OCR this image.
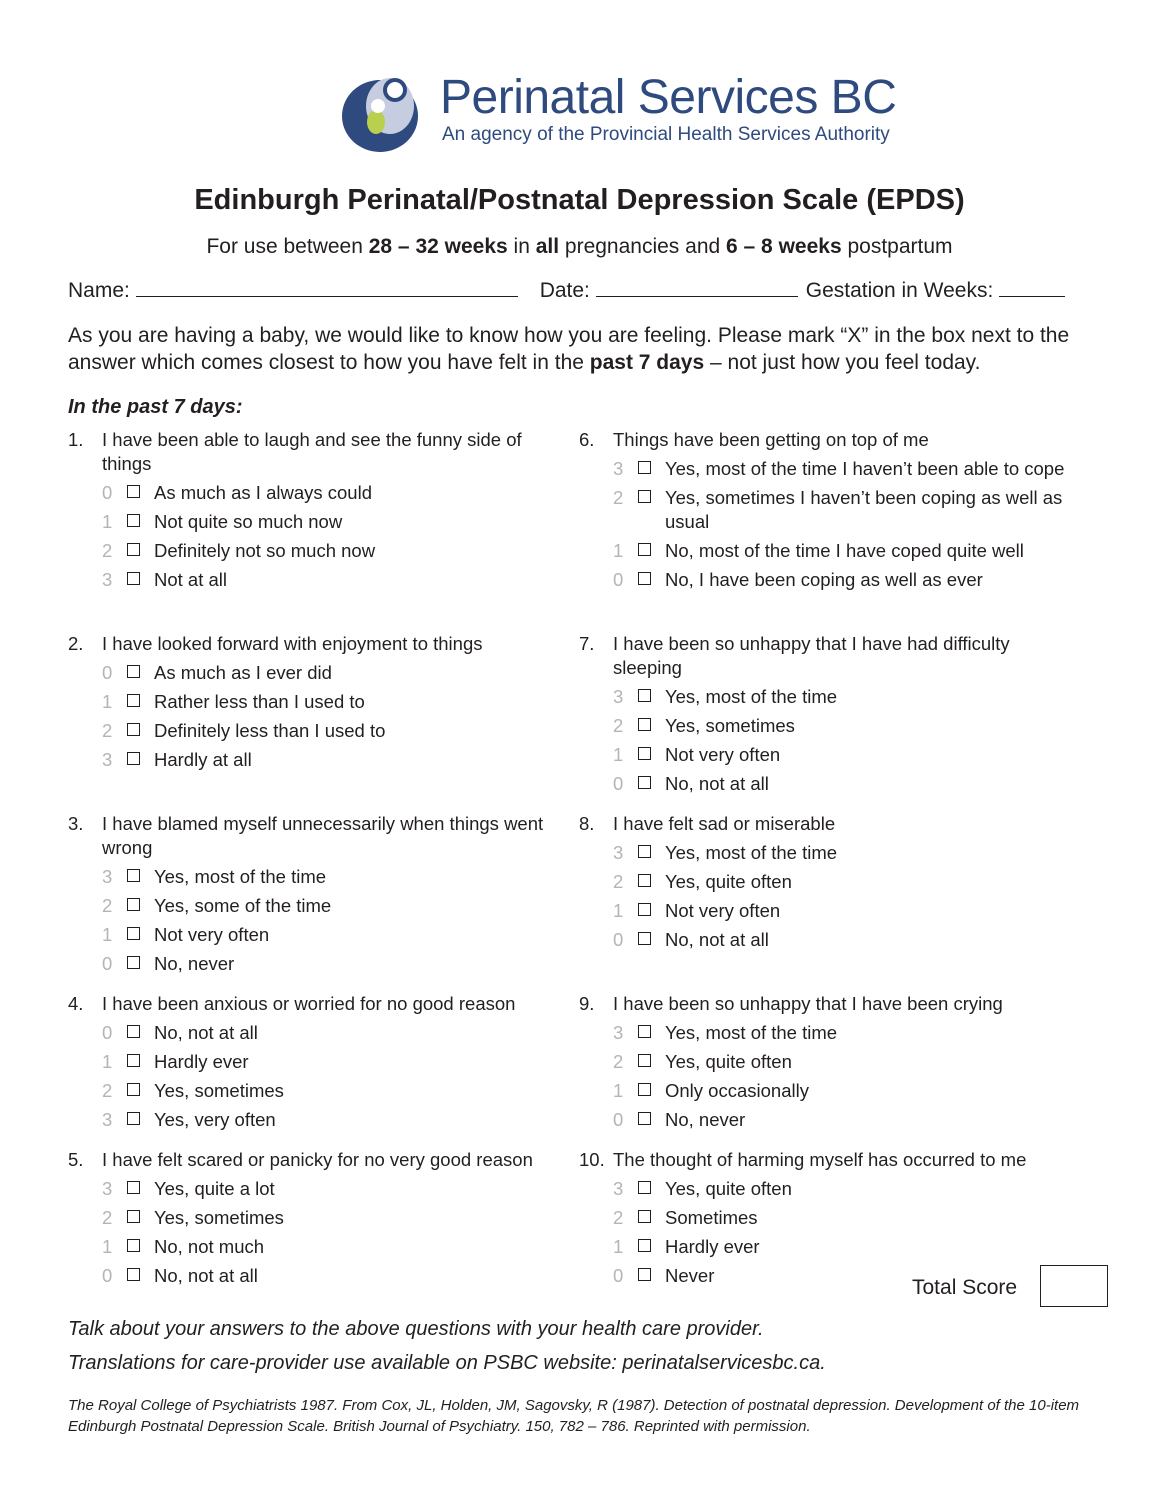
Perinatal Services BC
An agency of the Provincial Health Services Authority
Edinburgh Perinatal/Postnatal Depression Scale (EPDS)
For use between 28 – 32 weeks in all pregnancies and 6 – 8 weeks postpartum
Name:	Date:	Gestation in Weeks:
As you are having a baby, we would like to know how you are feeling. Please mark “X” in the box next to the answer which comes closest to how you have felt in the past 7 days – not just how you feel today.
In the past 7 days:
1. I have been able to laugh and see the funny side of things
0 As much as I always could
1 Not quite so much now
2 Definitely not so much now
3 Not at all
2. I have looked forward with enjoyment to things
0 As much as I ever did
1 Rather less than I used to
2 Definitely less than I used to
3 Hardly at all
3. I have blamed myself unnecessarily when things went wrong
3 Yes, most of the time
2 Yes, some of the time
1 Not very often
0 No, never
4. I have been anxious or worried for no good reason
0 No, not at all
1 Hardly ever
2 Yes, sometimes
3 Yes, very often
5. I have felt scared or panicky for no very good reason
3 Yes, quite a lot
2 Yes, sometimes
1 No, not much
0 No, not at all
6. Things have been getting on top of me
3 Yes, most of the time I haven’t been able to cope
2 Yes, sometimes I haven’t been coping as well as usual
1 No, most of the time I have coped quite well
0 No, I have been coping as well as ever
7. I have been so unhappy that I have had difficulty sleeping
3 Yes, most of the time
2 Yes, sometimes
1 Not very often
0 No, not at all
8. I have felt sad or miserable
3 Yes, most of the time
2 Yes, quite often
1 Not very often
0 No, not at all
9. I have been so unhappy that I have been crying
3 Yes, most of the time
2 Yes, quite often
1 Only occasionally
0 No, never
10. The thought of harming myself has occurred to me
3 Yes, quite often
2 Sometimes
1 Hardly ever
0 Never
Total Score
Talk about your answers to the above questions with your health care provider.
Translations for care-provider use available on PSBC website: perinatalservicesbc.ca.
The Royal College of Psychiatrists 1987. From Cox, JL, Holden, JM, Sagovsky, R (1987). Detection of postnatal depression. Development of the 10-item Edinburgh Postnatal Depression Scale. British Journal of Psychiatry. 150, 782 – 786. Reprinted with permission.
